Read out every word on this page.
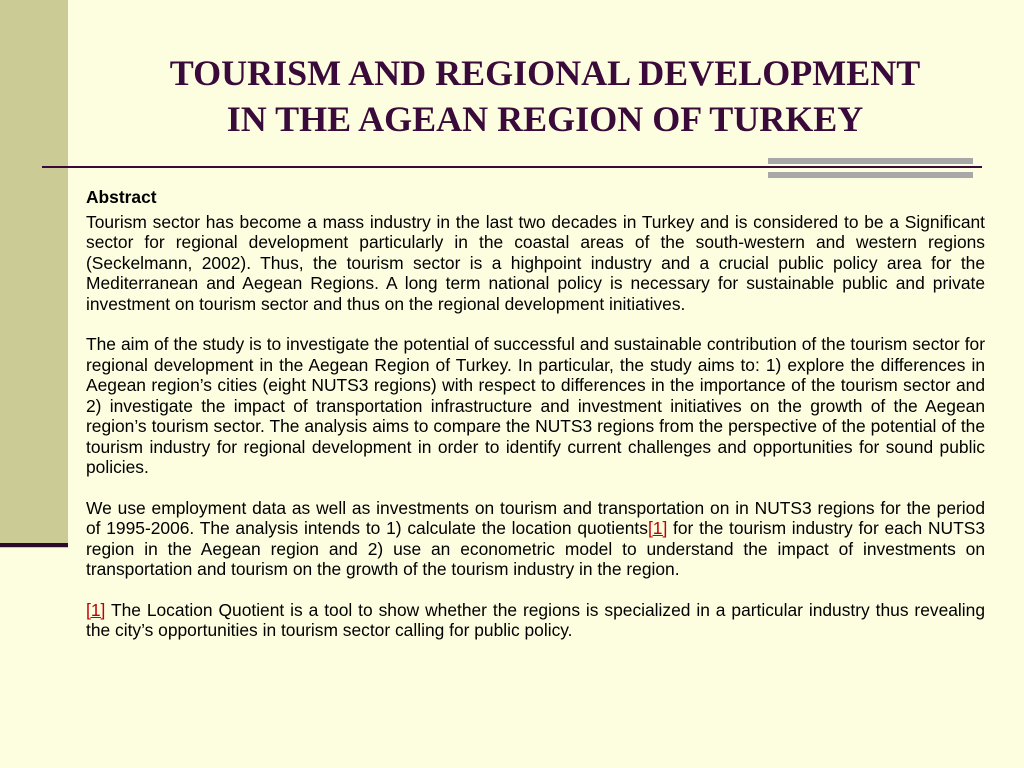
TOURISM AND REGIONAL DEVELOPMENT
IN THE AGEAN REGION OF TURKEY
Abstract

Tourism sector has become a mass industry in the last two decades in Turkey and is considered to be a Significant sector for regional development particularly in the coastal areas of the south-western and western regions (Seckelmann, 2002). Thus, the tourism sector is a highpoint industry and a crucial public policy area for the Mediterranean and Aegean Regions. A long term national policy is necessary for sustainable public and private investment on tourism sector and thus on the regional development initiatives.

The aim of the study is to investigate the potential of successful and sustainable contribution of the tourism sector for regional development in the Aegean Region of Turkey. In particular, the study aims to: 1) explore the differences in Aegean region’s cities (eight NUTS3 regions) with respect to differences in the importance of the tourism sector and 2) investigate the impact of transportation infrastructure and investment initiatives on the growth of the Aegean region’s tourism sector. The analysis aims to compare the NUTS3 regions from the perspective of the potential of the tourism industry for regional development in order to identify current challenges and opportunities for sound public policies.

We use employment data as well as investments on tourism and transportation on in NUTS3 regions for the period of 1995-2006. The analysis intends to 1) calculate the location quotients[1] for the tourism industry for each NUTS3 region in the Aegean region and 2) use an econometric model to understand the impact of investments on transportation and tourism on the growth of the tourism industry in the region.

[1] The Location Quotient is a tool to show whether the regions is specialized in a particular industry thus revealing the city’s opportunities in tourism sector calling for public policy.
